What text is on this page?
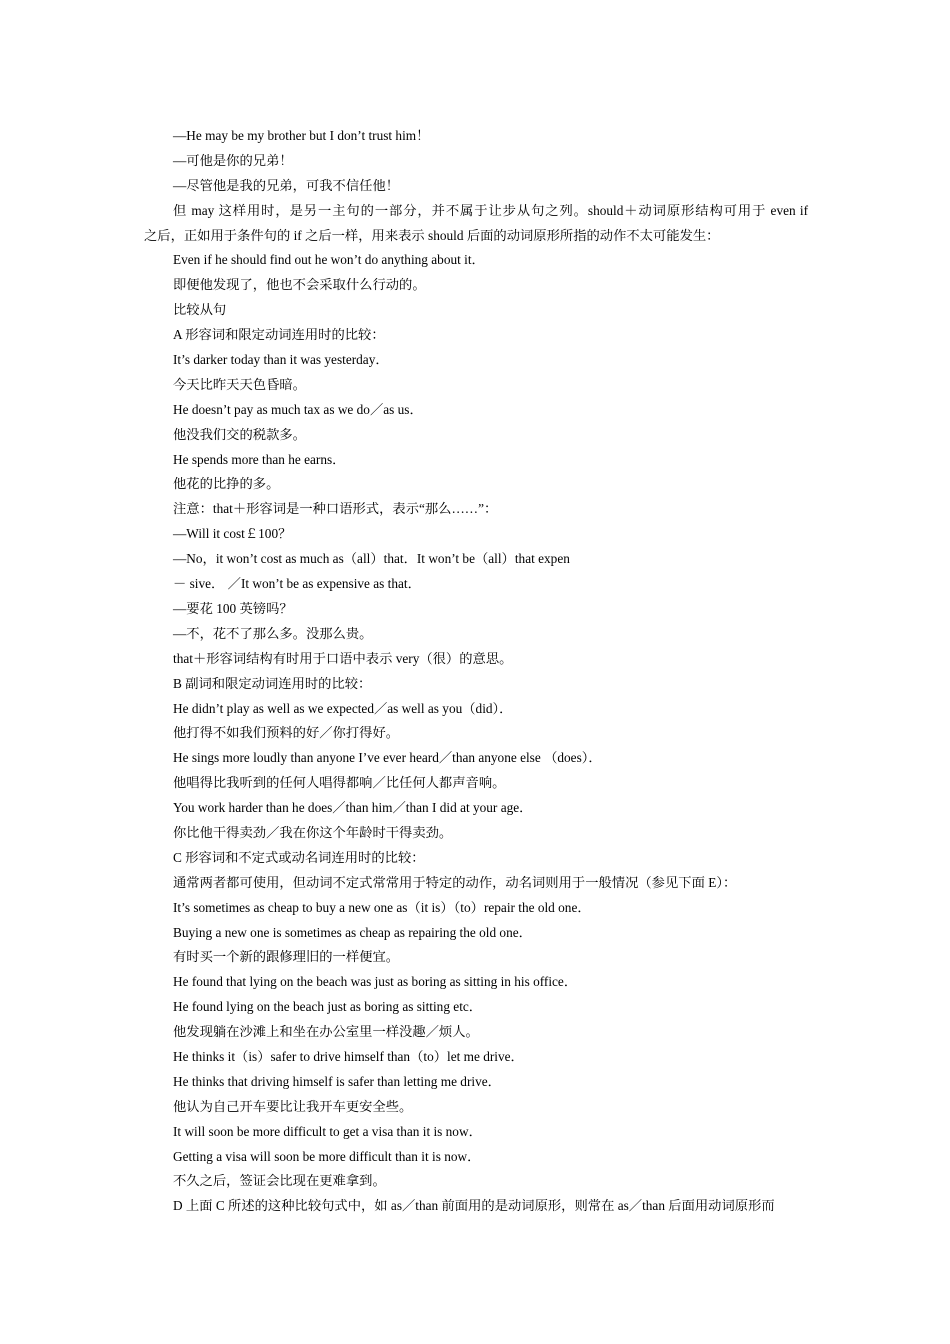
—He may be my brother but I don’t trust him！
—可他是你的兄弟！
—尽管他是我的兄弟，可我不信任他！
但 may 这样用时，是另一主句的一部分，并不属于让步从句之列。should＋动词原形结构可用于 even if
之后，正如用于条件句的 if 之后一样，用来表示 should 后面的动词原形所指的动作不太可能发生：
Even if he should find out he won’t do anything about it．
即便他发现了，他也不会采取什么行动的。
比较从句
A 形容词和限定动词连用时的比较：
It’s darker today than it was yesterday．
今天比昨天天色昏暗。
He doesn’t pay as much tax as we do／as us．
他没我们交的税款多。
He spends more than he earns．
他花的比挣的多。
注意：that＋形容词是一种口语形式，表示“那么……”：
—Will it cost￡100？
—No，it won’t cost as much as（all）that．It won’t be（all）that expen
－ sive． ／It won’t be as expensive as that．
—要花 100 英镑吗？
—不，花不了那么多。没那么贵。
that＋形容词结构有时用于口语中表示 very（很）的意思。
B 副词和限定动词连用时的比较：
He didn’t play as well as we expected／as well as you（did）．
他打得不如我们预料的好／你打得好。
He sings more loudly than anyone I’ve ever heard／than anyone else （does）．
他唱得比我听到的任何人唱得都响／比任何人都声音响。
You work harder than he does／than him／than I did at your age．
你比他干得卖劲／我在你这个年龄时干得卖劲。
C 形容词和不定式或动名词连用时的比较：
通常两者都可使用，但动词不定式常常用于特定的动作，动名词则用于一般情况（参见下面 E）：
It’s sometimes as cheap to buy a new one as（it is）（to）repair the old one．
Buying a new one is sometimes as cheap as repairing the old one．
有时买一个新的跟修理旧的一样便宜。
He found that lying on the beach was just as boring as sitting in his office．
He found lying on the beach just as boring as sitting etc．
他发现躺在沙滩上和坐在办公室里一样没趣／烦人。
He thinks it（is）safer to drive himself than（to）let me drive．
He thinks that driving himself is safer than letting me drive．
他认为自己开车要比让我开车更安全些。
It will soon be more difficult to get a visa than it is now．
Getting a visa will soon be more difficult than it is now．
不久之后，签证会比现在更难拿到。
D 上面 C 所述的这种比较句式中，如 as／than 前面用的是动词原形，则常在 as／than 后面用动词原形而
